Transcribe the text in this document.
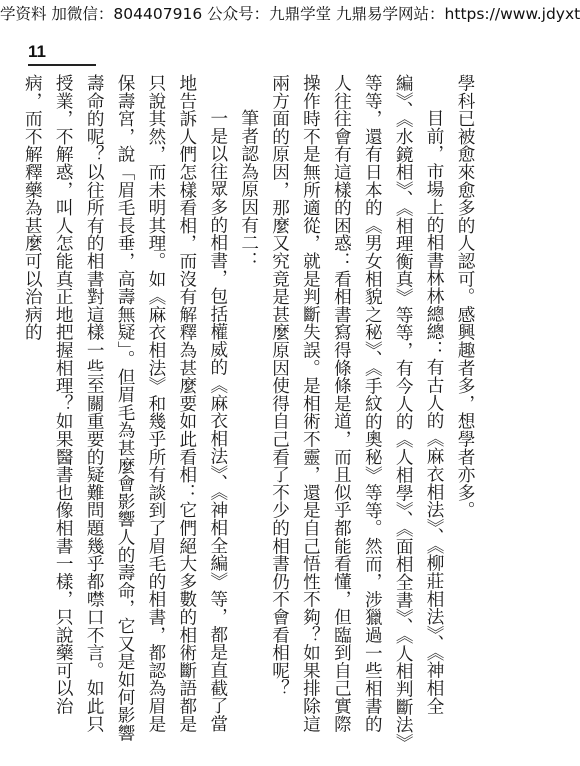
学资料 加微信：804407916 公众号：九鼎学堂 九鼎易学网站：https://www.jdyxt
11

學科已被愈來愈多的人認可。感興趣者多，想學者亦多。

目前，市場上的相書林林總總：有古人的《麻衣相法》、《柳莊相法》、《神相全編》、《水鏡相》、《相理衡真》等等，有今人的《人相學》、《面相全書》、《人相判斷法》等等，還有日本的《男女相貌之秘》、《手紋的奧秘》等等。然而，涉獵過一些相書的人往往會有這樣的困惑：看相書寫得條條是道，而且似乎都能看懂，但臨到自己實際操作時不是無所適從，就是判斷失誤。是相術不靈，還是自己悟性不夠？如果排除這兩方面的原因，那麼又究竟是甚麼原因使得自己看了不少的相書仍不會看相呢？

筆者認為原因有二：

一是以往眾多的相書，包括權威的《麻衣相法》、《神相全編》等，都是直截了當地告訴人們怎樣看相，而沒有解釋為甚麼要如此看相：它們絕大多數的相術斷語都是只說其然，而未明其理。如《麻衣相法》和幾乎所有談到了眉毛的相書，都認為眉是保壽宮，說「眉毛長垂，高壽無疑」。但眉毛為甚麼會影響人的壽命，它又是如何影響壽命的呢？以往所有的相書對這樣一些至關重要的疑難問題幾乎都噤口不言。如此只授業，不解惑，叫人怎能真正地把握相理？如果醫書也像相書一樣，只說藥可以治病，而不解釋藥為甚麼可以治病的
